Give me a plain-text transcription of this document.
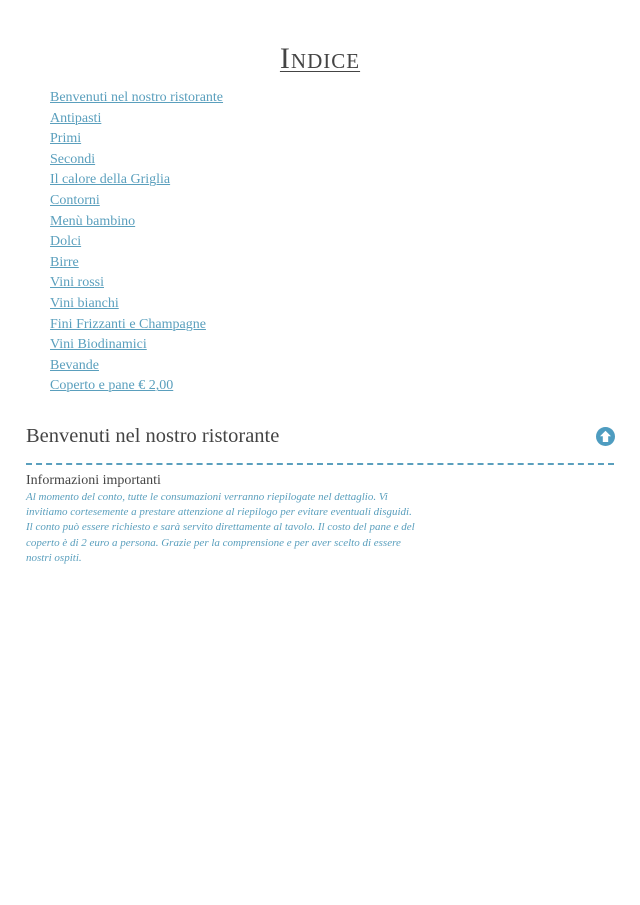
Indice
Benvenuti nel nostro ristorante
Antipasti
Primi
Secondi
Il calore della Griglia
Contorni
Menù bambino
Dolci
Birre
Vini rossi
Vini bianchi
Fini Frizzanti e Champagne
Vini Biodinamici
Bevande
Coperto e pane € 2,00
Benvenuti nel nostro ristorante

Informazioni importanti

Al momento del conto, tutte le consumazioni verranno riepilogate nel dettaglio. Vi invitiamo cortesemente a prestare attenzione al riepilogo per evitare eventuali disguidi. Il conto può essere richiesto e sarà servito direttamente al tavolo. Il costo del pane e del coperto è di 2 euro a persona. Grazie per la comprensione e per aver scelto di essere nostri ospiti.
